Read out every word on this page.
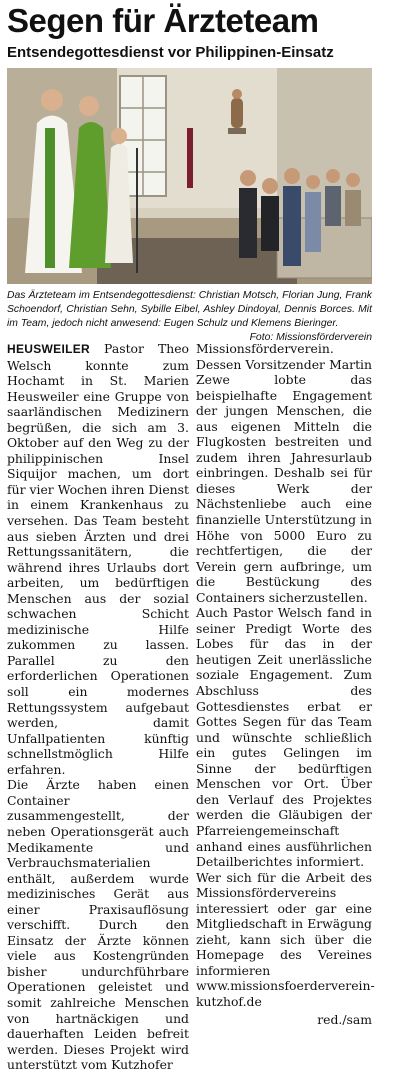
Segen für Ärzteteam
Entsendegottesdienst vor Philippinen-Einsatz
Das Ärzteteam im Entsendegottesdienst: Christian Motsch, Florian Jung, Frank Schoendorf, Christian Sehn, Sybille Eibel, Ashley Dindoyal, Dennis Borces. Mit im Team, jedoch nicht anwesend: Eugen Schulz und Klemens Bieringer.
Foto: Missionsförderverein

HEUSWEILER Pastor Theo Welsch konnte zum Hochamt in St. Marien Heusweiler eine Gruppe von saarländischen Medizinern begrüßen, die sich am 3. Oktober auf den Weg zu der philippinischen Insel Siquijor machen, um dort für vier Wochen ihren Dienst in einem Krankenhaus zu versehen. Das Team besteht aus sieben Ärzten und drei Rettungssanitätern, die während ihres Urlaubs dort arbeiten, um bedürftigen Menschen aus der sozial schwachen Schicht medizinische Hilfe zukommen zu lassen. Parallel zu den erforderlichen Operationen soll ein modernes Rettungssystem aufgebaut werden, damit Unfallpatienten künftig schnellstmöglich Hilfe erfahren.

Die Ärzte haben einen Container zusammengestellt, der neben Operationsgerät auch Medikamente und Verbrauchsmaterialien enthält, außerdem wurde medizinisches Gerät aus einer Praxisauflösung verschifft. Durch den Einsatz der Ärzte können viele aus Kostengründen bisher undurchführbare Operationen geleistet und somit zahlreiche Menschen von hartnäckigen und dauerhaften Leiden befreit werden. Dieses Projekt wird unterstützt vom Kutzhofer

Missionsförderverein. Dessen Vorsitzender Martin Zewe lobte das beispielhafte Engagement der jungen Menschen, die aus eigenen Mitteln die Flugkosten bestreiten und zudem ihren Jahresurlaub einbringen. Deshalb sei für dieses Werk der Nächstenliebe auch eine finanzielle Unterstützung in Höhe von 5000 Euro zu rechtfertigen, die der Verein gern aufbringe, um die Bestückung des Containers sicherzustellen.

Auch Pastor Welsch fand in seiner Predigt Worte des Lobes für das in der heutigen Zeit unerlässliche soziale Engagement. Zum Abschluss des Gottesdienstes erbat er Gottes Segen für das Team und wünschte schließlich ein gutes Gelingen im Sinne der bedürftigen Menschen vor Ort. Über den Verlauf des Projektes werden die Gläubigen der Pfarreiengemeinschaft anhand eines ausführlichen Detailberichtes informiert.

Wer sich für die Arbeit des Missionsfördervereins interessiert oder gar eine Mitgliedschaft in Erwägung zieht, kann sich über die Homepage des Vereines informieren www.missionsfoerderverein-kutzhof.de

red./sam
